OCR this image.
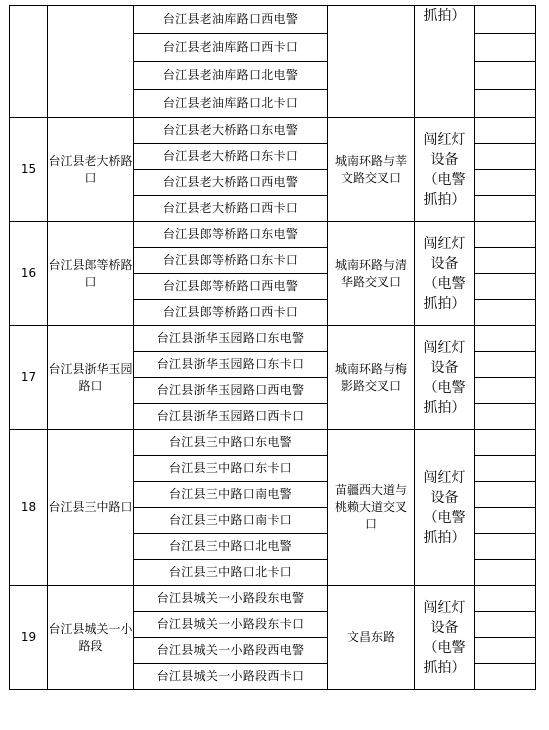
		台江县老油库路口西电警		抓拍）	
		台江县老油库路口西卡口			
		台江县老油库路口北电警			
		台江县老油库路口北卡口			
15	台江县老大桥路口	台江县老大桥路口东电警	城南环路与莘文路交叉口	闯红灯设备（电警抓拍）	
		台江县老大桥路口东卡口			
		台江县老大桥路口西电警			
		台江县老大桥路口西卡口			
16	台江县郎等桥路口	台江县郎等桥路口东电警	城南环路与清华路交叉口	闯红灯设备（电警抓拍）	
		台江县郎等桥路口东卡口			
		台江县郎等桥路口西电警			
		台江县郎等桥路口西卡口			
17	台江县浙华玉园路口	台江县浙华玉园路口东电警	城南环路与梅影路交叉口	闯红灯设备（电警抓拍）	
		台江县浙华玉园路口东卡口			
		台江县浙华玉园路口西电警			
		台江县浙华玉园路口西卡口			
18	台江县三中路口	台江县三中路口东电警	苗疆西大道与桃赖大道交叉口	闯红灯设备（电警抓拍）	
		台江县三中路口东卡口			
		台江县三中路口南电警			
		台江县三中路口南卡口			
		台江县三中路口北电警			
		台江县三中路口北卡口			
19	台江县城关一小路段	台江县城关一小路段东电警	文昌东路	闯红灯设备（电警抓拍）	
		台江县城关一小路段东卡口			
		台江县城关一小路段西电警			
		台江县城关一小路段西卡口			
